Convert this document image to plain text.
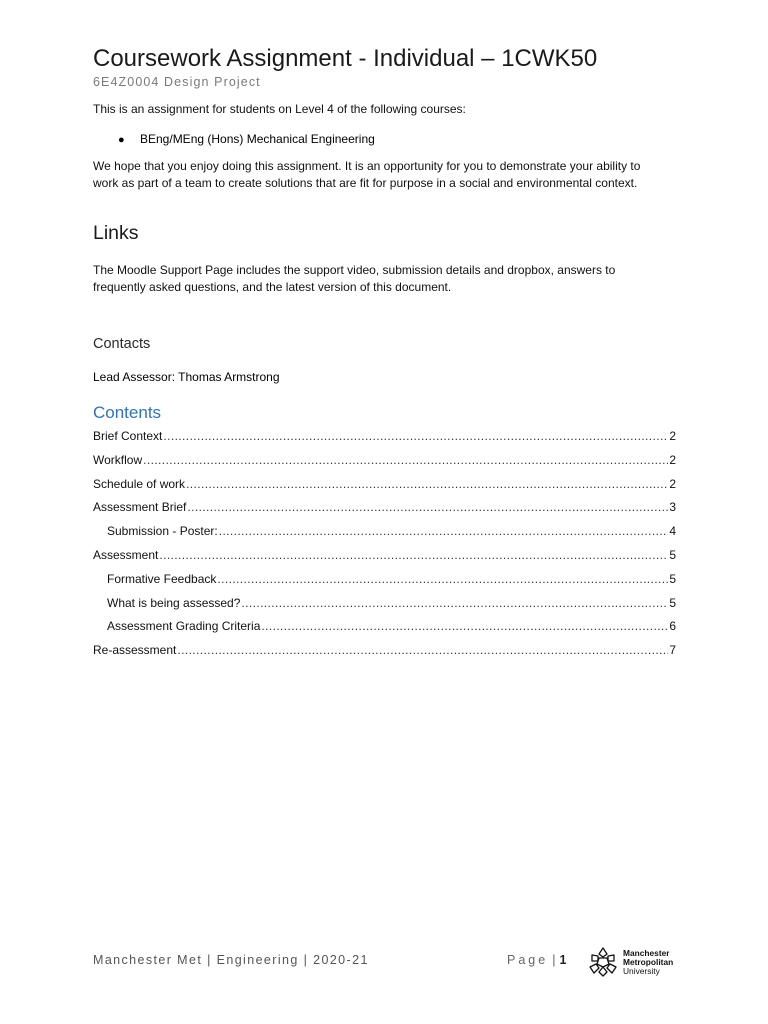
Coursework Assignment - Individual – 1CWK50
6E4Z0004 Design Project
This is an assignment for students on Level 4 of the following courses:
● BEng/MEng (Hons) Mechanical Engineering
We hope that you enjoy doing this assignment. It is an opportunity for you to demonstrate your ability to work as part of a team to create solutions that are fit for purpose in a social and environmental context.
Links
The Moodle Support Page includes the support video, submission details and dropbox, answers to frequently asked questions, and the latest version of this document.
Contacts
Lead Assessor: Thomas Armstrong
Contents
Brief Context .....	2
Workflow .....	2
Schedule of work .....	2
Assessment Brief .....	3
Submission - Poster: .....	4
Assessment .....	5
Formative Feedback .....	5
What is being assessed? .....	5
Assessment Grading Criteria .....	6
Re-assessment .....	7
Manchester Met | Engineering | 2020-21	Page | 1
Manchester
Metropolitan
University
